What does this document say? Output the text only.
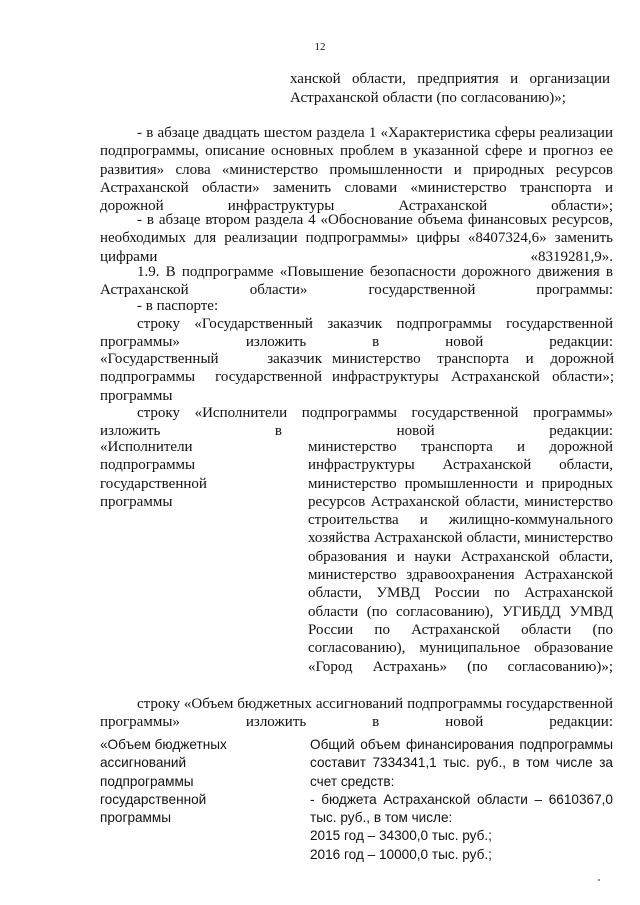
12
ханской области, предприятия и организации Астраханской области (по согласованию)»;

- в абзаце двадцать шестом раздела 1 «Характеристика сферы реализации подпрограммы, описание основных проблем в указанной сфере и прогноз ее развития» слова «министерство промышленности и природных ресурсов Астраханской области» заменить словами «министерство транспорта и дорожной инфраструктуры Астраханской области»;

- в абзаце втором раздела 4 «Обоснование объема финансовых ресурсов, необходимых для реализации подпрограммы» цифры «8407324,6» заменить цифрами «8319281,9».

1.9. В подпрограмме «Повышение безопасности дорожного движения в Астраханской области» государственной программы:

- в паспорте:

строку «Государственный заказчик подпрограммы государственной программы» изложить в новой редакции:

«Государственный заказчик подпрограммы государственной программы
министерство транспорта и дорожной инфраструктуры Астраханской области»;

строку «Исполнители подпрограммы государственной программы» изложить в новой редакции:

«Исполнители подпрограммы государственной программы
министерство транспорта и дорожной инфраструктуры Астраханской области, министерство промышленности и природных ресурсов Астраханской области, министерство строительства и жилищно-коммунального хозяйства Астраханской области, министерство образования и науки Астраханской области, министерство здравоохранения Астраханской области, УМВД России по Астраханской области (по согласованию), УГИБДД УМВД России по Астраханской области (по согласованию), муниципальное образование «Город Астрахань» (по согласованию)»;

строку «Объем бюджетных ассигнований подпрограммы государственной программы» изложить в новой редакции:

«Объем бюджетных ассигнований подпрограммы государственной программы
Общий объем финансирования подпрограммы составит 7334341,1 тыс. руб., в том числе за счет средств:
- бюджета Астраханской области – 6610367,0 тыс. руб., в том числе:
2015 год – 34300,0 тыс. руб.;
2016 год – 10000,0 тыс. руб.;
